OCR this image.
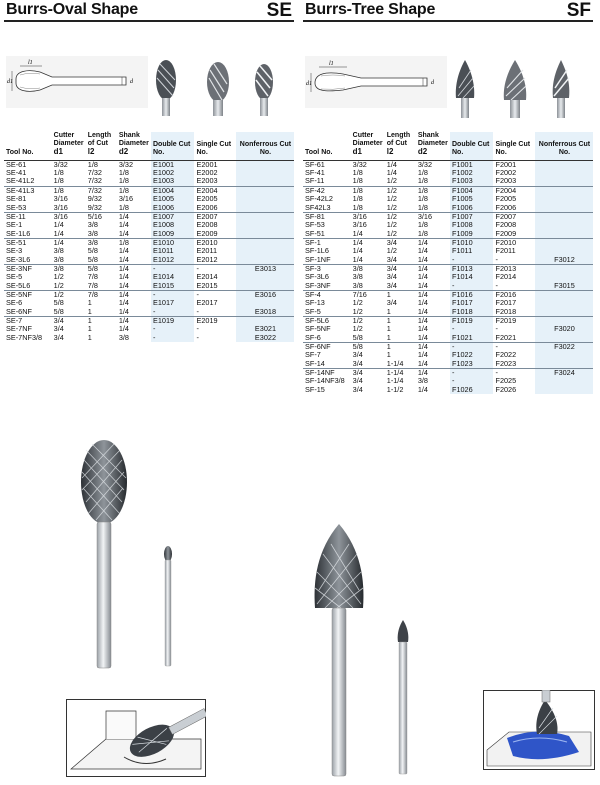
Burrs-Oval Shape	SE
l1
d1	d
Tool No.	Cutter Diameter
d1	Length of Cut
l2	Shank Diameter
d2	Double Cut No.	Single Cut No.	Nonferrous Cut No.
SE-61	3/32	1/8	3/32	E1001	E2001	
SE-41	1/8	7/32	1/8	E1002	E2002	
SE-41L2	1/8	7/32	1/8	E1003	E2003	
SE-41L3	1/8	7/32	1/8	E1004	E2004	
SE-81	3/16	9/32	3/16	E1005	E2005	
SE-53	3/16	9/32	1/8	E1006	E2006	
SE-11	3/16	5/16	1/4	E1007	E2007	
SE-1	1/4	3/8	1/4	E1008	E2008	
SE-1L6	1/4	3/8	1/4	E1009	E2009	
SE-51	1/4	3/8	1/8	E1010	E2010	
SE-3	3/8	5/8	1/4	E1011	E2011	
SE-3L6	3/8	5/8	1/4	E1012	E2012	
SE-3NF	3/8	5/8	1/4	-	-	E3013
SE-5	1/2	7/8	1/4	E1014	E2014	
SE-5L6	1/2	7/8	1/4	E1015	E2015	
SE-5NF	1/2	7/8	1/4	-	-	E3016
SE-6	5/8	1	1/4	E1017	E2017	
SE-6NF	5/8	1	1/4	-	-	E3018
SE-7	3/4	1	1/4	E1019	E2019	
SE-7NF	3/4	1	1/4	-	-	E3021
SE-7NF3/8	3/4	1	3/8	-	-	E3022
Burrs-Tree Shape	SF
l1
d1	d
Tool No.	Cutter Diameter
d1	Length of Cut
l2	Shank Diameter
d2	Double Cut No.	Single Cut No.	Nonferrous Cut No.
SF-61	3/32	1/4	3/32	F1001	F2001	
SF-41	1/8	1/4	1/8	F1002	F2002	
SF-11	1/8	1/2	1/8	F1003	F2003	
SF-42	1/8	1/2	1/8	F1004	F2004	
SF-42L2	1/8	1/2	1/8	F1005	F2005	
SF42L3	1/8	1/2	1/8	F1006	F2006	
SF-81	3/16	1/2	3/16	F1007	F2007	
SF-53	3/16	1/2	1/8	F1008	F2008	
SF-51	1/4	1/2	1/8	F1009	F2009	
SF-1	1/4	3/4	1/4	F1010	F2010	
SF-1L6	1/4	1/2	1/4	F1011	F2011	
SF-1NF	1/4	3/4	1/4	-	-	F3012
SF-3	3/8	3/4	1/4	F1013	F2013	
SF-3L6	3/8	3/4	1/4	F1014	F2014	
SF-3NF	3/8	3/4	1/4	-	-	F3015
SF-4	7/16	1	1/4	F1016	F2016	
SF-13	1/2	3/4	1/4	F1017	F2017	
SF-5	1/2	1	1/4	F1018	F2018	
SF-5L6	1/2	1	1/4	F1019	F2019	
SF-5NF	1/2	1	1/4	-	-	F3020
SF-6	5/8	1	1/4	F1021	F2021	
SF-6NF	5/8	1	1/4	-	-	F3022
SF-7	3/4	1	1/4	F1022	F2022	
SF-14	3/4	1-1/4	1/4	F1023	F2023	
SF-14NF	3/4	1-1/4	1/4	-	-	F3024
SF-14NF3/8	3/4	1-1/4	3/8	-	F2025	
SF-15	3/4	1-1/2	1/4	F1026	F2026	
